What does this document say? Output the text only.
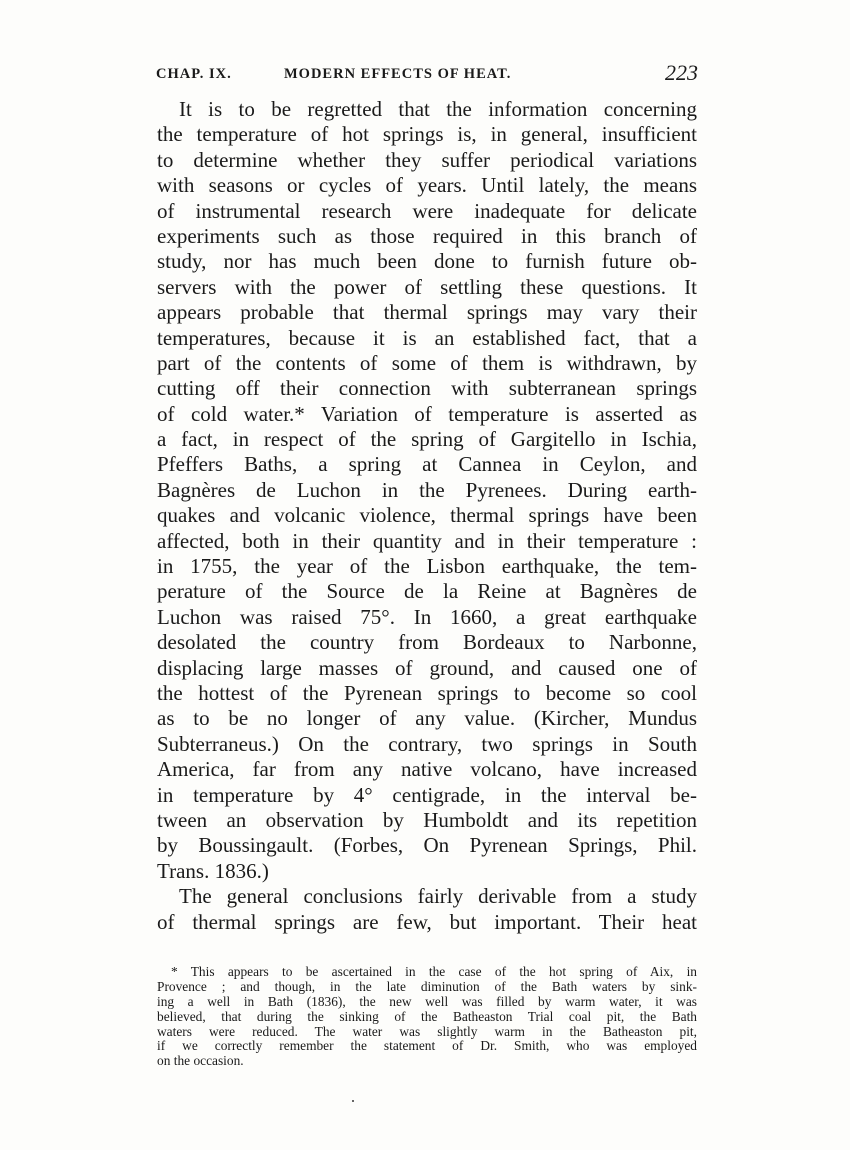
CHAP. IX.	MODERN EFFECTS OF HEAT.	223
It is to be regretted that the information concerning
the temperature of hot springs is, in general, insufficient
to determine whether they suffer periodical variations
with seasons or cycles of years. Until lately, the means
of instrumental research were inadequate for delicate
experiments such as those required in this branch of
study, nor has much been done to furnish future ob-
servers with the power of settling these questions. It
appears probable that thermal springs may vary their
temperatures, because it is an established fact, that a
part of the contents of some of them is withdrawn, by
cutting off their connection with subterranean springs
of cold water.* Variation of temperature is asserted as
a fact, in respect of the spring of Gargitello in Ischia,
Pfeffers Baths, a spring at Cannea in Ceylon, and
Bagnères de Luchon in the Pyrenees. During earth-
quakes and volcanic violence, thermal springs have been
affected, both in their quantity and in their temperature :
in 1755, the year of the Lisbon earthquake, the tem-
perature of the Source de la Reine at Bagnères de
Luchon was raised 75°. In 1660, a great earthquake
desolated the country from Bordeaux to Narbonne,
displacing large masses of ground, and caused one of
the hottest of the Pyrenean springs to become so cool
as to be no longer of any value. (Kircher, Mundus
Subterraneus.) On the contrary, two springs in South
America, far from any native volcano, have increased
in temperature by 4° centigrade, in the interval be-
tween an observation by Humboldt and its repetition
by Boussingault. (Forbes, On Pyrenean Springs, Phil.
Trans. 1836.)
The general conclusions fairly derivable from a study
of thermal springs are few, but important. Their heat
* This appears to be ascertained in the case of the hot spring of Aix, in
Provence ; and though, in the late diminution of the Bath waters by sink-
ing a well in Bath (1836), the new well was filled by warm water, it was
believed, that during the sinking of the Batheaston Trial coal pit, the Bath
waters were reduced. The water was slightly warm in the Batheaston pit,
if we correctly remember the statement of Dr. Smith, who was employed
on the occasion.
